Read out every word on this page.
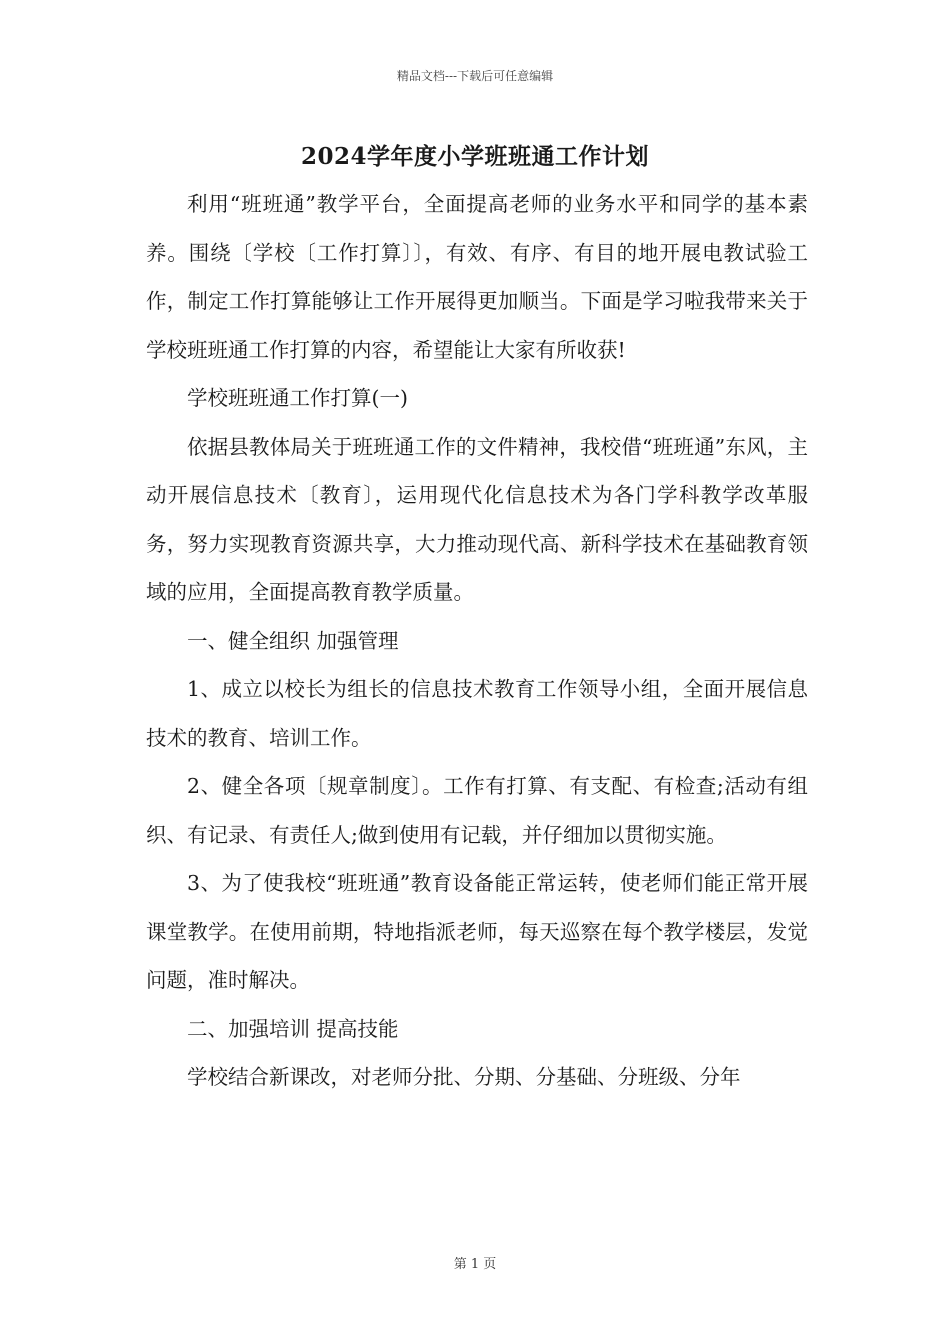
精品文档---下载后可任意编辑
2024学年度小学班班通工作计划

利用“班班通”教学平台，全面提高老师的业务水平和同学的基本素养。围绕〔学校〔工作打算〕〕，有效、有序、有目的地开展电教试验工作，制定工作打算能够让工作开展得更加顺当。下面是学习啦我带来关于学校班班通工作打算的内容，希望能让大家有所收获!

学校班班通工作打算(一)

依据县教体局关于班班通工作的文件精神，我校借“班班通”东风，主动开展信息技术〔教育〕，运用现代化信息技术为各门学科教学改革服务，努力实现教育资源共享，大力推动现代高、新科学技术在基础教育领域的应用，全面提高教育教学质量。

一、健全组织 加强管理

1、成立以校长为组长的信息技术教育工作领导小组，全面开展信息技术的教育、培训工作。

2、健全各项〔规章制度〕。工作有打算、有支配、有检查;活动有组织、有记录、有责任人;做到使用有记载，并仔细加以贯彻实施。

3、为了使我校“班班通”教育设备能正常运转，使老师们能正常开展课堂教学。在使用前期，特地指派老师，每天巡察在每个教学楼层，发觉问题，准时解决。

二、加强培训 提高技能

学校结合新课改，对老师分批、分期、分基础、分班级、分年

第 1 页
